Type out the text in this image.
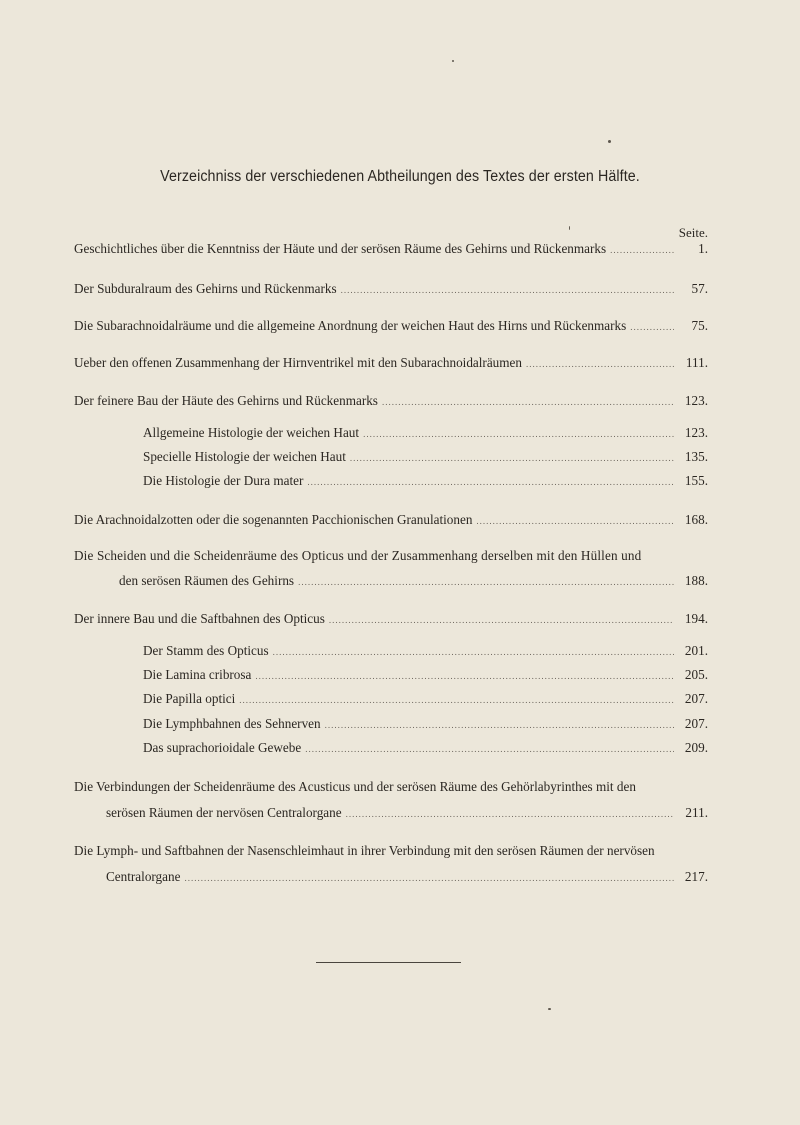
Verzeichniss der verschiedenen Abtheilungen des Textes der ersten Hälfte.
Seite.
Geschichtliches über die Kenntniss der Häute und der serösen Räume des Gehirns und Rückenmarks .....	1.
Der Subduralraum des Gehirns und Rückenmarks .....	57.
Die Subarachnoidalräume und die allgemeine Anordnung der weichen Haut des Hirns und Rückenmarks .....	75.
Ueber den offenen Zusammenhang der Hirnventrikel mit den Subarachnoidalräumen .....	111.
Der feinere Bau der Häute des Gehirns und Rückenmarks .....	123.
Allgemeine Histologie der weichen Haut .....	123.
Specielle Histologie der weichen Haut .....	135.
Die Histologie der Dura mater .....	155.
Die Arachnoidalzotten oder die sogenannten Pacchionischen Granulationen .....	168.
Die Scheiden und die Scheidenräume des Opticus und der Zusammenhang derselben mit den Hüllen und
den serösen Räumen des Gehirns .....	188.
Der innere Bau und die Saftbahnen des Opticus .....	194.
Der Stamm des Opticus .....	201.
Die Lamina cribrosa .....	205.
Die Papilla optici .....	207.
Die Lymphbahnen des Sehnerven .....	207.
Das suprachorioidale Gewebe .....	209.
Die Verbindungen der Scheidenräume des Acusticus und der serösen Räume des Gehörlabyrinthes mit den
serösen Räumen der nervösen Centralorgane .....	211.
Die Lymph- und Saftbahnen der Nasenschleimhaut in ihrer Verbindung mit den serösen Räumen der nervösen
Centralorgane .....	217.
